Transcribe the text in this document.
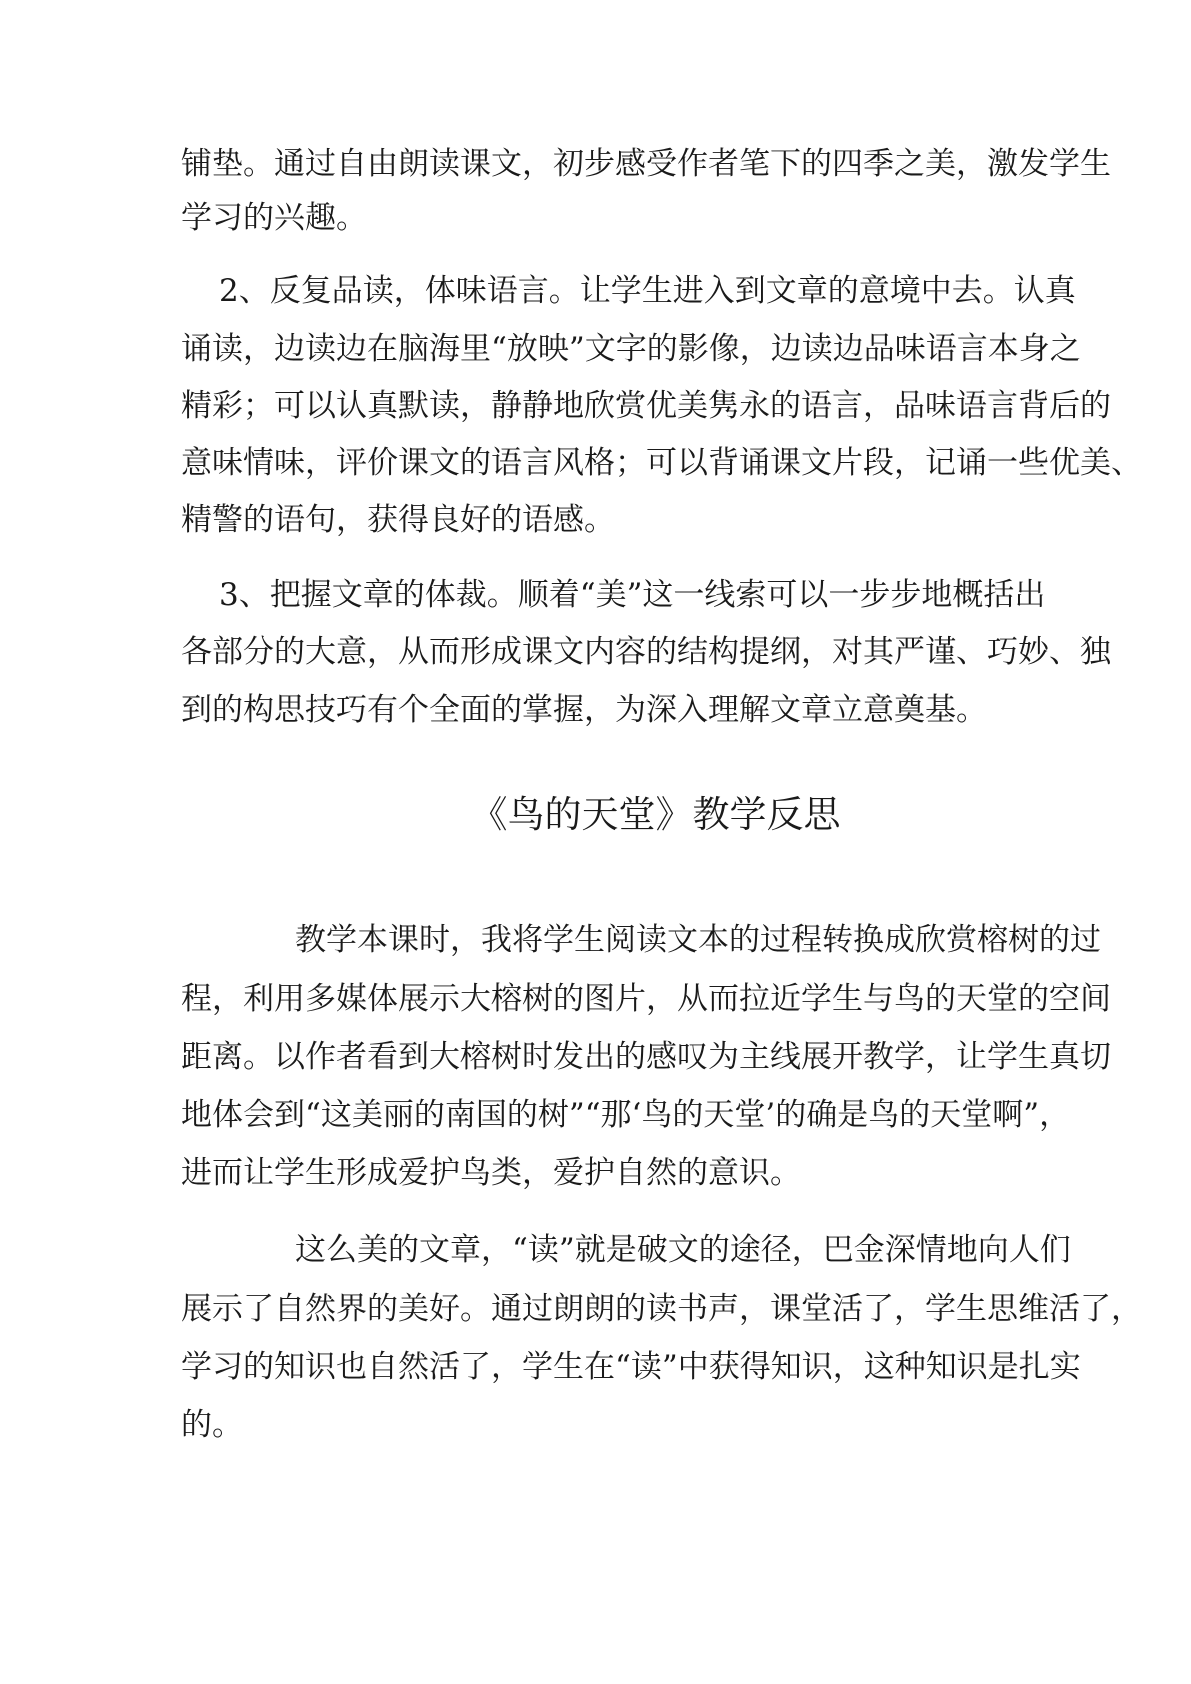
铺垫。通过自由朗读课文，初步感受作者笔下的四季之美，激发学生

学习的兴趣。

2、反复品读，体味语言。让学生进入到文章的意境中去。认真

诵读，边读边在脑海里“放映”文字的影像，边读边品味语言本身之

精彩；可以认真默读，静静地欣赏优美隽永的语言，品味语言背后的

意味情味，评价课文的语言风格；可以背诵课文片段，记诵一些优美、

精警的语句，获得良好的语感。

3、把握文章的体裁。顺着“美”这一线索可以一步步地概括出

各部分的大意，从而形成课文内容的结构提纲，对其严谨、巧妙、独

到的构思技巧有个全面的掌握，为深入理解文章立意奠基。

《鸟的天堂》教学反思

教学本课时，我将学生阅读文本的过程转换成欣赏榕树的过

程，利用多媒体展示大榕树的图片，从而拉近学生与鸟的天堂的空间

距离。以作者看到大榕树时发出的感叹为主线展开教学，让学生真切

地体会到“这美丽的南国的树”“那‘鸟的天堂’的确是鸟的天堂啊”，

进而让学生形成爱护鸟类，爱护自然的意识。

这么美的文章，“读”就是破文的途径，巴金深情地向人们

展示了自然界的美好。通过朗朗的读书声，课堂活了，学生思维活了，

学习的知识也自然活了，学生在“读”中获得知识，这种知识是扎实

的。
